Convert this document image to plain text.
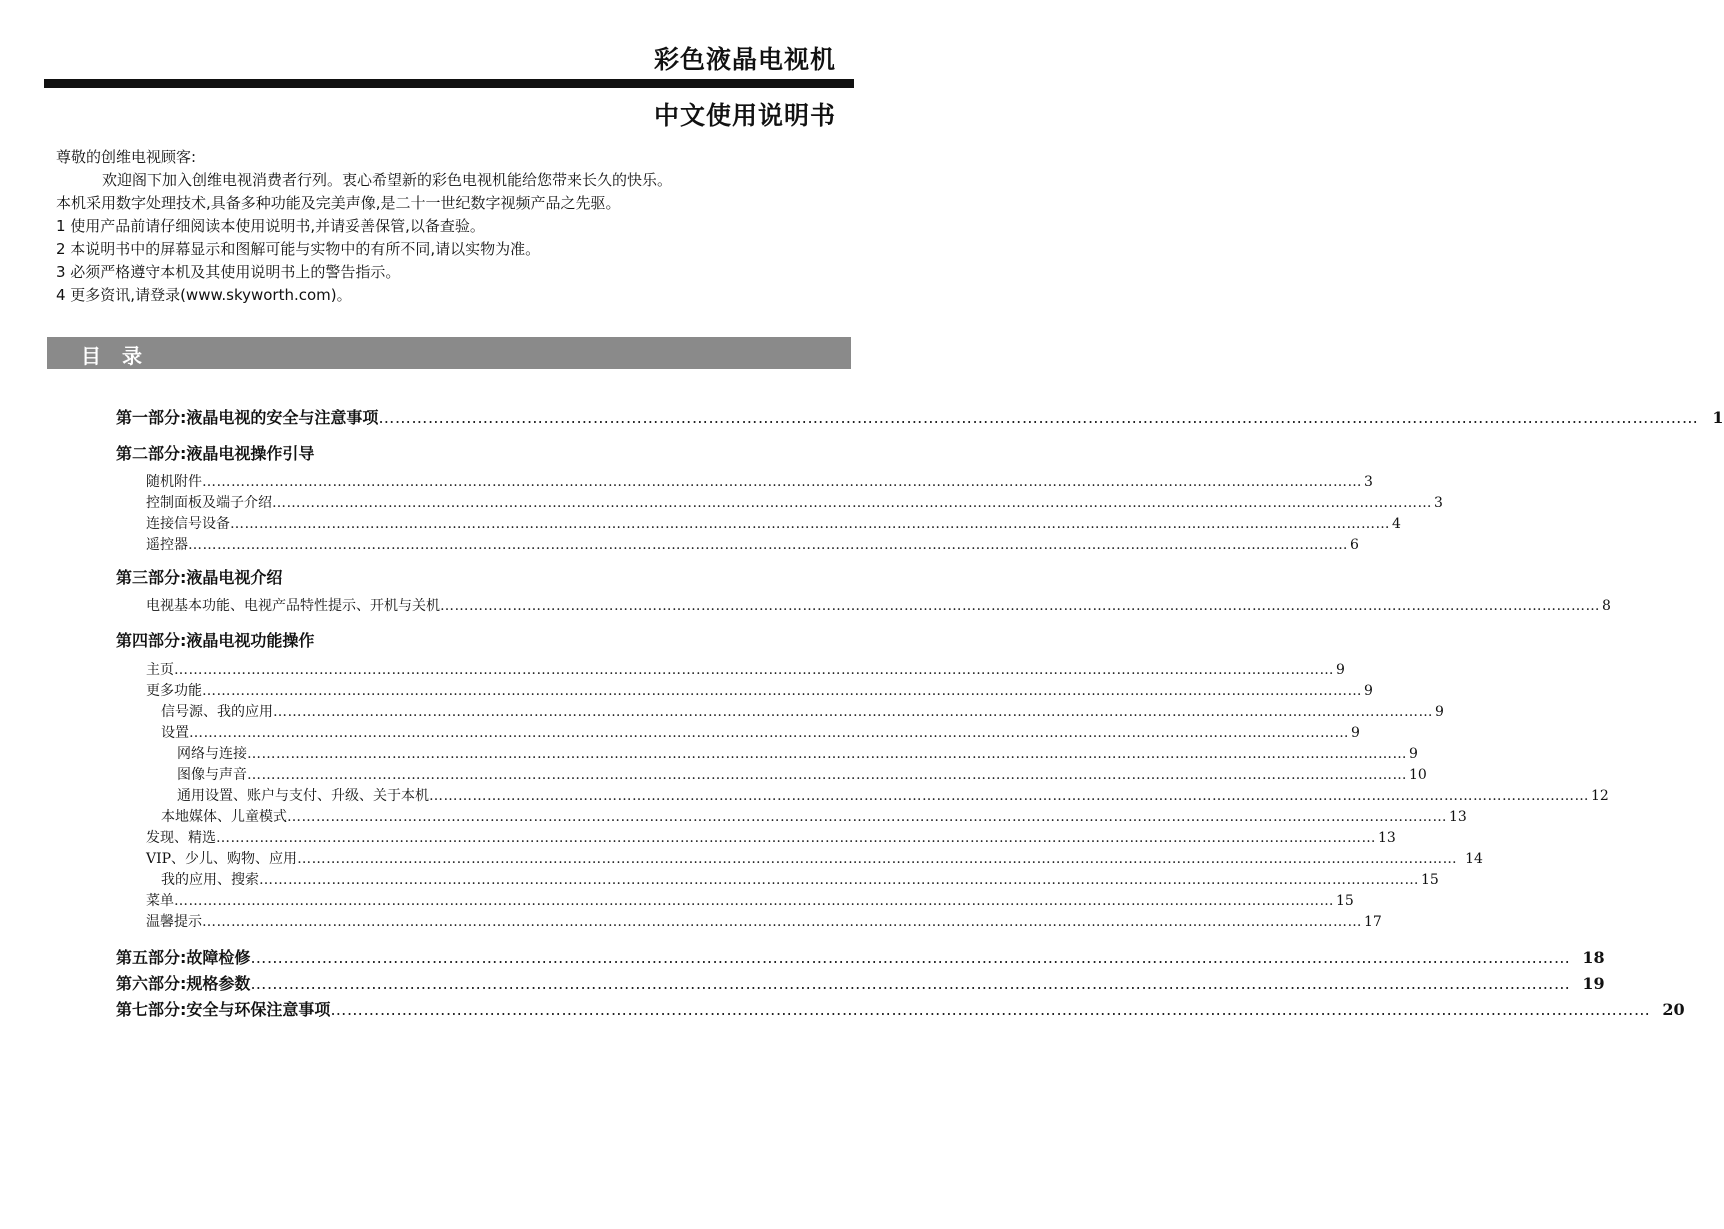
彩色液晶电视机
中文使用说明书
尊敬的创维电视顾客:
欢迎阁下加入创维电视消费者行列。衷心希望新的彩色电视机能给您带来长久的快乐。
本机采用数字处理技术,具备多种功能及完美声像,是二十一世纪数字视频产品之先驱。
1 使用产品前请仔细阅读本使用说明书,并请妥善保管,以备查验。
2 本说明书中的屏幕显示和图解可能与实物中的有所不同,请以实物为准。
3 必须严格遵守本机及其使用说明书上的警告指示。
4 更多资讯,请登录(www.skyworth.com)。
目 录
第一部分:液晶电视的安全与注意事项 …………………………………………………………………………………………………………………………………………………………………………………………………………………… 1
第二部分:液晶电视操作引导
随机附件 …………………………………………………………………………………………………………………………………………………………………………………………………………………… 3
控制面板及端子介绍 …………………………………………………………………………………………………………………………………………………………………………………………………………………… 3
连接信号设备 …………………………………………………………………………………………………………………………………………………………………………………………………………………… 4
遥控器 …………………………………………………………………………………………………………………………………………………………………………………………………………………… 6
第三部分:液晶电视介绍
电视基本功能、电视产品特性提示、开机与关机 …………………………………………………………………………………………………………………………………………………………………………………………………………………… 8
第四部分:液晶电视功能操作
主页 …………………………………………………………………………………………………………………………………………………………………………………………………………………… 9
更多功能 …………………………………………………………………………………………………………………………………………………………………………………………………………………… 9
信号源、我的应用 …………………………………………………………………………………………………………………………………………………………………………………………………………………… 9
设置 …………………………………………………………………………………………………………………………………………………………………………………………………………………… 9
网络与连接 …………………………………………………………………………………………………………………………………………………………………………………………………………………… 9
图像与声音 …………………………………………………………………………………………………………………………………………………………………………………………………………………… 10
通用设置、账户与支付、升级、关于本机 …………………………………………………………………………………………………………………………………………………………………………………………………………………… 12
本地媒体、儿童模式 …………………………………………………………………………………………………………………………………………………………………………………………………………………… 13
发现、精选 …………………………………………………………………………………………………………………………………………………………………………………………………………………… 13
VIP、少儿、购物、应用 …………………………………………………………………………………………………………………………………………………………………………………………………………………… 14
我的应用、搜索 …………………………………………………………………………………………………………………………………………………………………………………………………………………… 15
菜单 …………………………………………………………………………………………………………………………………………………………………………………………………………………… 15
温馨提示 …………………………………………………………………………………………………………………………………………………………………………………………………………………… 17
第五部分:故障检修 …………………………………………………………………………………………………………………………………………………………………………………………………………………… 18
第六部分:规格参数 …………………………………………………………………………………………………………………………………………………………………………………………………………………… 19
第七部分:安全与环保注意事项 …………………………………………………………………………………………………………………………………………………………………………………………………………………… 20
